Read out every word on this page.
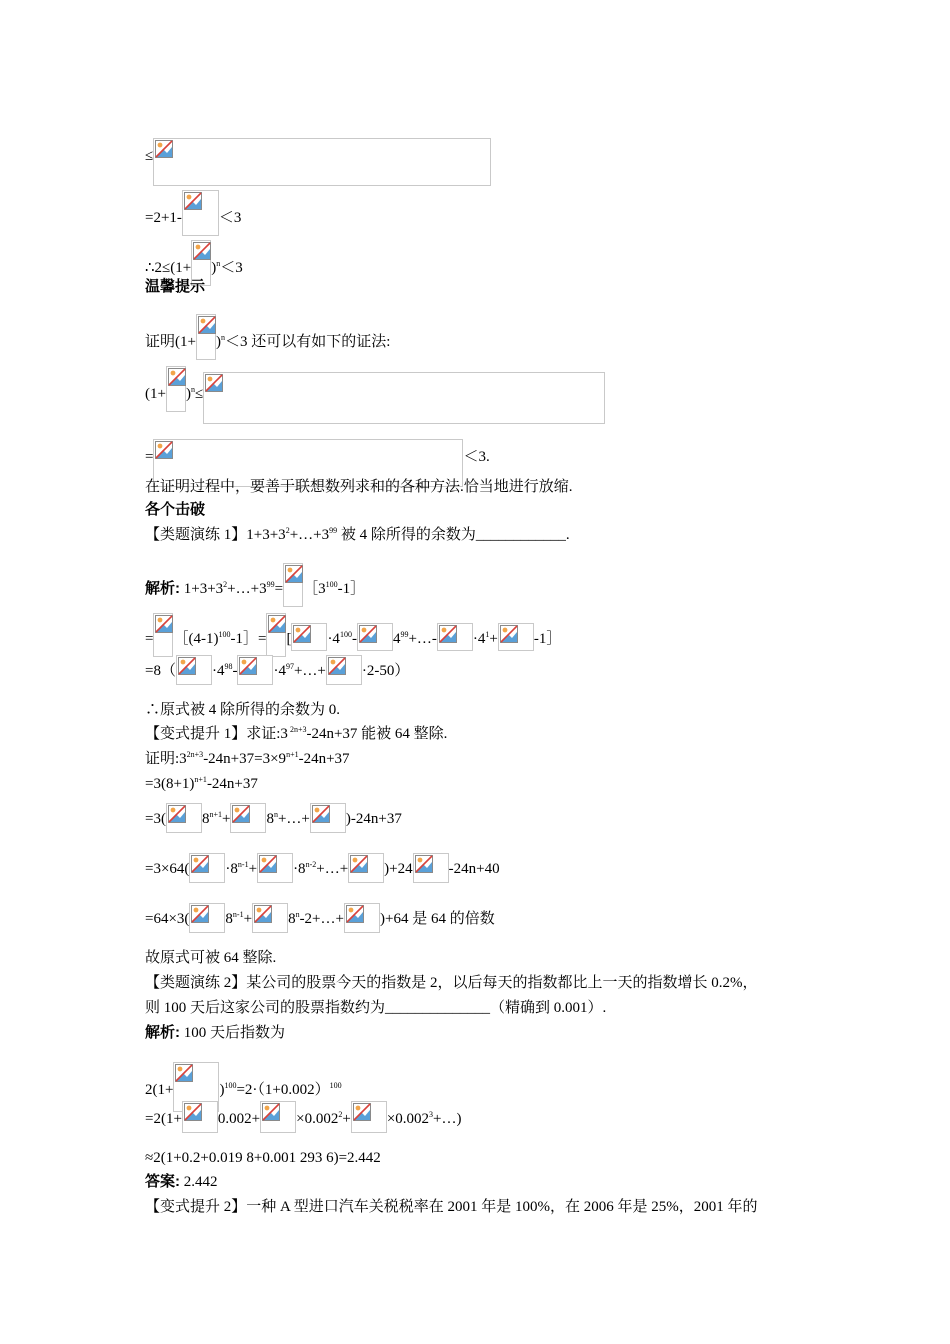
≤
=2+1- ＜3
∴2≤(1+ )$^n$＜3
温馨提示
证明$(1+ )^n<3$ 还可以有如下的证法:
$(1+ )^n\le$
=	＜3.
在证明过程中，要善于联想数列求和的各种方法.恰当地进行放缩.
各个击破
【类题演练 1】$1+3+3^2+\dots+3^{99}$ 被 4 除所得的余数为____________.
解析: $1+3+3^2+\dots+3^{99}=$ $[3^{100}-1]$
= $[(4-1)^{100}-1]=$ [ $\cdot 4^{100}-$ $4^{99}+\dots- \cdot 4^1+$ -1］
$=8( \cdot 4^{98}-$ $\cdot 4^{97}+\dots+ \cdot 2-50$）
∴原式被 4 除所得的余数为 0.
【变式提升 1】求证:3 $^{2n+3}$-24n+37 能被 64 整除.
证明$:3^{2n+3}-24n+37=3\times 9^{n+1}-24n+37$
$=3(8+1)^{n+1}-24n+37$
=3( $8^{n+1}+$ $8^n+\dots+ )-24n+37$
$=3\times 64( \cdot 8^{n-1}+$ $\cdot 8^{n-2}+\dots+ )+24$ -24n+40
=64×3( $8^{n-1}+$ $8^n-2+\dots+ )+64$ 是 64 的倍数
故原式可被 64 整除.
【类题演练 2】某公司的股票今天的指数是 2，以后每天的指数都比上一天的指数增长 0.2%，
则 100 天后这家公司的股票指数约为______________（精确到 0.001）.
解析: 100 天后指数为
2(1+	)$^{100}=2\cdot(1+0.002)^{100}$
$=2(1+ 0.002+ \times 0.002^2+$ $\times 0.002^3+\dots$)
≈2(1+0.2+0.019 8+0.001 293 6)=2.442
答案: 2.442
【变式提升 2】一种 A 型进口汽车关税税率在 2001 年是 100%，在 2006 年是 25%，2001 年的
